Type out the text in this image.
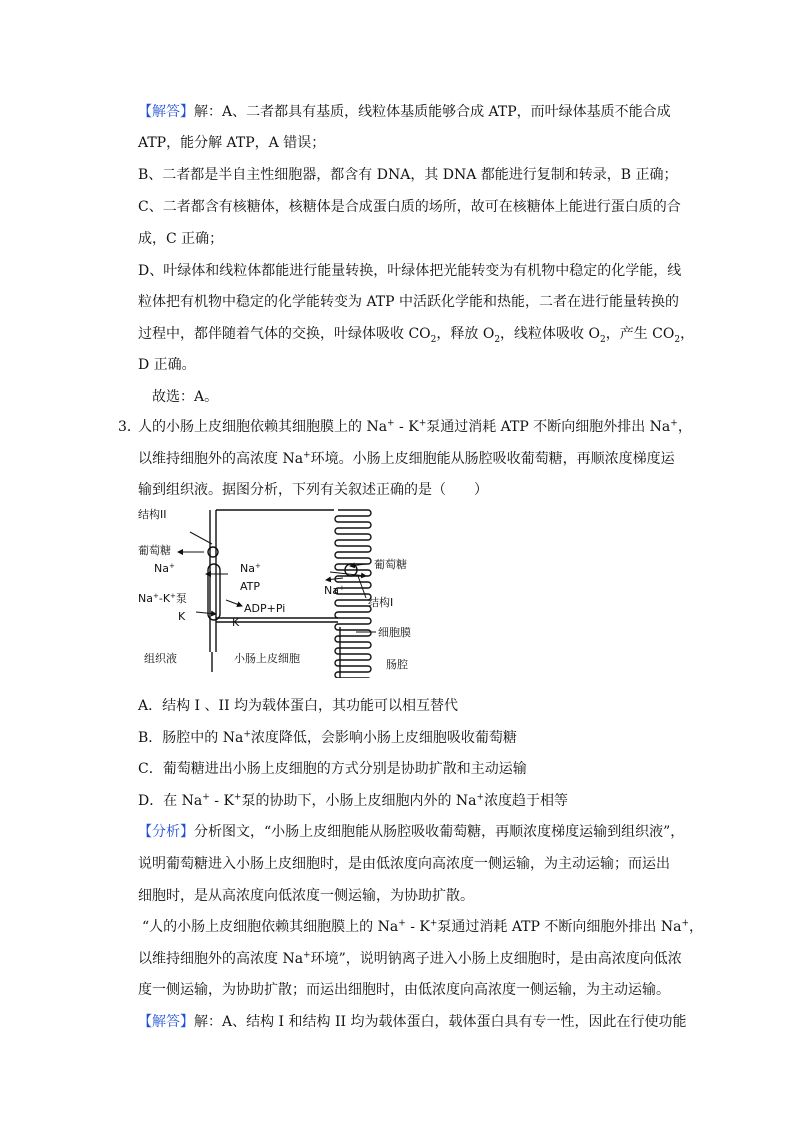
【解答】解：A、二者都具有基质，线粒体基质能够合成 ATP，而叶绿体基质不能合成
ATP，能分解 ATP，A 错误；
B、二者都是半自主性细胞器，都含有 DNA，其 DNA 都能进行复制和转录，B 正确；
C、二者都含有核糖体，核糖体是合成蛋白质的场所，故可在核糖体上能进行蛋白质的合
成，C 正确；
D、叶绿体和线粒体都能进行能量转换，叶绿体把光能转变为有机物中稳定的化学能，线
粒体把有机物中稳定的化学能转变为 ATP 中活跃化学能和热能，二者在进行能量转换的
过程中，都伴随着气体的交换，叶绿体吸收 $CO_2$，释放 $O_2$，线粒体吸收 $O_2$，产生 $CO_2$，
D 正确。
故选：A。
3．
人的小肠上皮细胞依赖其细胞膜上的 Na+ - K+泵通过消耗 ATP 不断向细胞外排出 Na+，
以维持细胞外的高浓度 Na+环境。小肠上皮细胞能从肠腔吸收葡萄糖，再顺浓度梯度运
输到组织液。据图分析，下列有关叙述正确的是（　　）
结构II
葡萄糖
Na+	Na+
ATP
Na+-K+泵
ADP+Pi
K	K
组织液	小肠上皮细胞
葡萄糖
Na+
结构I
细胞膜
肠腔
A．结构 I 、II 均为载体蛋白，其功能可以相互替代
B．肠腔中的 Na+浓度降低，会影响小肠上皮细胞吸收葡萄糖
C．葡萄糖进出小肠上皮细胞的方式分别是协助扩散和主动运输
D．在 Na+ - K+泵的协助下，小肠上皮细胞内外的 Na+浓度趋于相等
【分析】分析图文，“小肠上皮细胞能从肠腔吸收葡萄糖，再顺浓度梯度运输到组织液”，
说明葡萄糖进入小肠上皮细胞时，是由低浓度向高浓度一侧运输，为主动运输；而运出
细胞时，是从高浓度向低浓度一侧运输，为协助扩散。
“人的小肠上皮细胞依赖其细胞膜上的 Na+ - K+泵通过消耗 ATP 不断向细胞外排出 Na+，
以维持细胞外的高浓度 Na+环境”，说明钠离子进入小肠上皮细胞时，是由高浓度向低浓
度一侧运输，为协助扩散；而运出细胞时，由低浓度向高浓度一侧运输，为主动运输。
【解答】解：A、结构 I 和结构 II 均为载体蛋白，载体蛋白具有专一性，因此在行使功能
